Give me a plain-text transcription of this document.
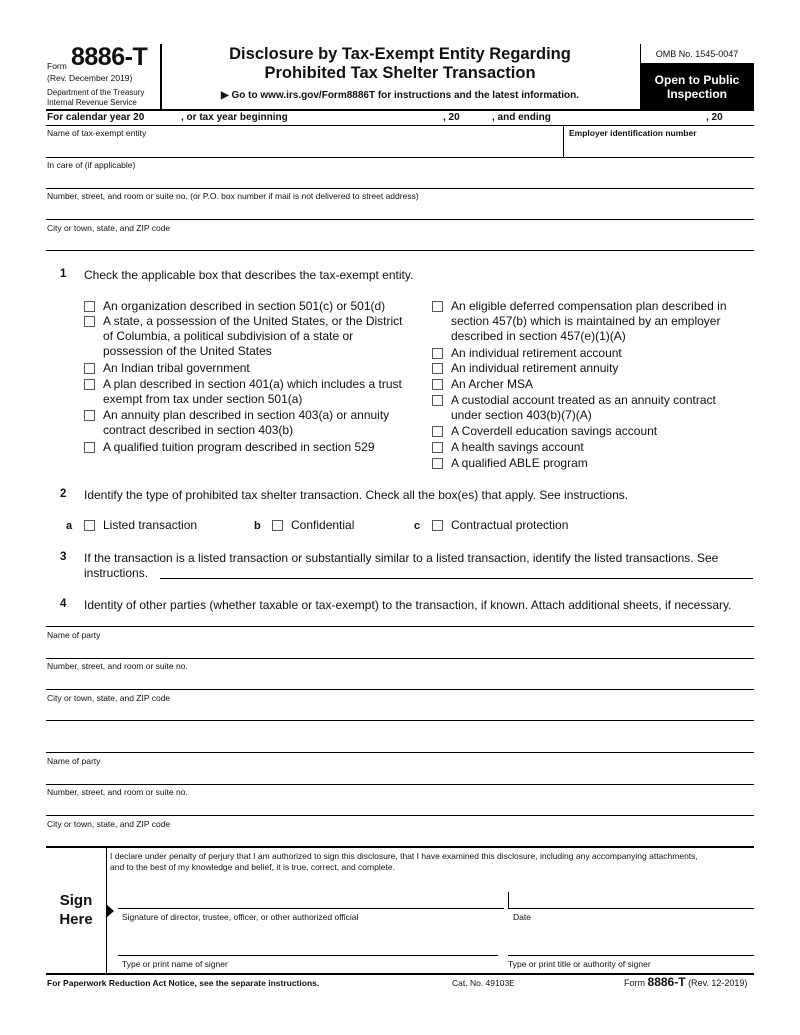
Form 8886-T
(Rev. December 2019)
Department of the Treasury
Internal Revenue Service
Disclosure by Tax-Exempt Entity Regarding
Prohibited Tax Shelter Transaction
▶ Go to www.irs.gov/Form8886T for instructions and the latest information.
OMB No. 1545-0047
Open to Public
Inspection
For calendar year 20	, or tax year beginning	, 20	, and ending	, 20
Name of tax-exempt entity	Employer identification number
In care of (if applicable)
Number, street, and room or suite no. (or P.O. box number if mail is not delivered to street address)
City or town, state, and ZIP code
1 Check the applicable box that describes the tax-exempt entity.
An organization described in section 501(c) or 501(d)
A state, a possession of the United States, or the District of Columbia, a political subdivision of a state or possession of the United States
An Indian tribal government
A plan described in section 401(a) which includes a trust exempt from tax under section 501(a)
An annuity plan described in section 403(a) or annuity contract described in section 403(b)
A qualified tuition program described in section 529
An eligible deferred compensation plan described in section 457(b) which is maintained by an employer described in section 457(e)(1)(A)
An individual retirement account
An individual retirement annuity
An Archer MSA
A custodial account treated as an annuity contract under section 403(b)(7)(A)
A Coverdell education savings account
A health savings account
A qualified ABLE program
2 Identify the type of prohibited tax shelter transaction. Check all the box(es) that apply. See instructions.
a	Listed transaction	b	Confidential	c	Contractual protection
3 If the transaction is a listed transaction or substantially similar to a listed transaction, identify the listed transactions. See
instructions.
4 Identity of other parties (whether taxable or tax-exempt) to the transaction, if known. Attach additional sheets, if necessary.
Name of party
Number, street, and room or suite no.
City or town, state, and ZIP code
Name of party
Number, street, and room or suite no.
City or town, state, and ZIP code
Sign
Here
I declare under penalty of perjury that I am authorized to sign this disclosure, that I have examined this disclosure, including any accompanying attachments,
and to the best of my knowledge and belief, it is true, correct, and complete.
Signature of director, trustee, officer, or other authorized official	Date
Type or print name of signer	Type or print title or authority of signer
For Paperwork Reduction Act Notice, see the separate instructions.	Cat. No. 49103E	Form 8886-T (Rev. 12-2019)
